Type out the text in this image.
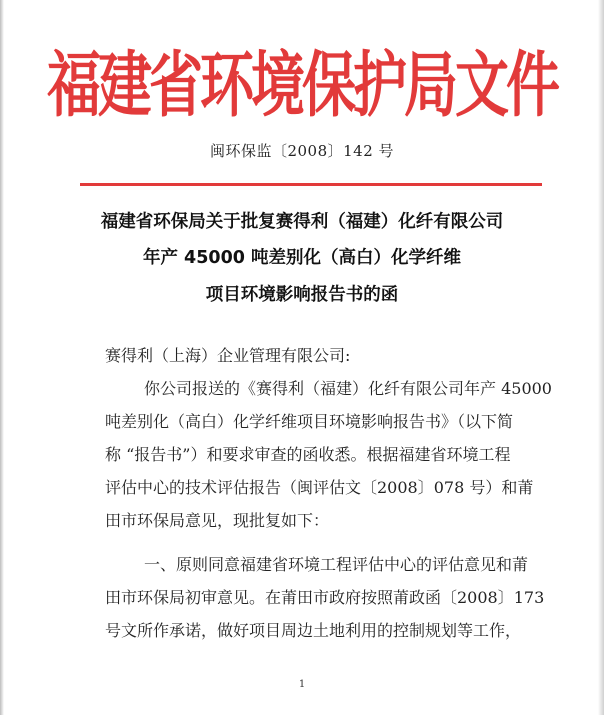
福建省环境保护局文件
闽环保监〔2008〕142 号
福建省环保局关于批复赛得利（福建）化纤有限公司
年产 45000 吨差别化（高白）化学纤维
项目环境影响报告书的函
赛得利（上海）企业管理有限公司:
你公司报送的《赛得利（福建）化纤有限公司年产 45000
吨差别化（高白）化学纤维项目环境影响报告书》（以下简
称 “报告书”）和要求审查的函收悉。根据福建省环境工程
评估中心的技术评估报告（闽评估文〔2008〕078 号）和莆
田市环保局意见，现批复如下：
一、原则同意福建省环境工程评估中心的评估意见和莆
田市环保局初审意见。在莆田市政府按照莆政函〔2008〕173
号文所作承诺，做好项目周边土地利用的控制规划等工作，
1
